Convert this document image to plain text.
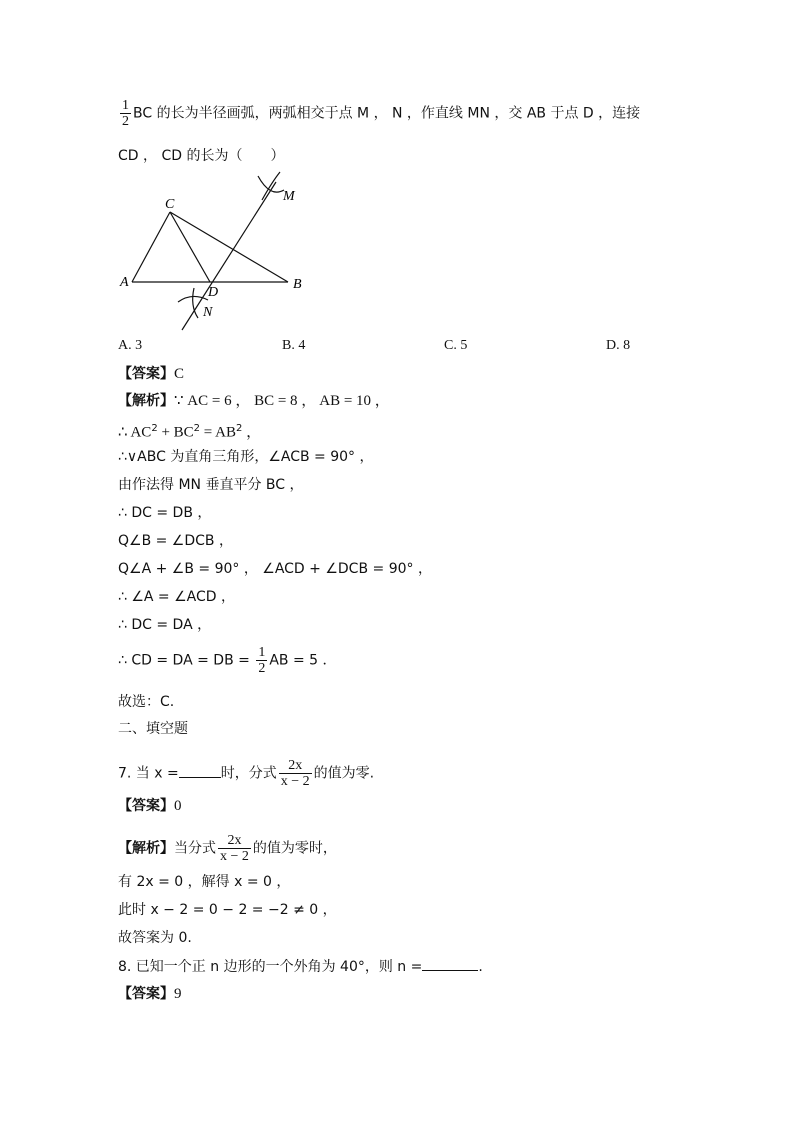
$\frac{1}{2}$ BC 的长为半径画弧，两弧相交于点 M ， N ，作直线 MN ，交 AB 于点 D ，连接
CD ， CD 的长为（　　）
A
C
B
D
M
N
A. 3	B. 4	C. 5	D. 8
【答案】C
【解析】∵ AC = 6 ， BC = 8 ， AB = 10 ，
∴ $AC^2 + BC^2 = AB^2$ ，
∴∨ABC 为直角三角形，∠ACB = 90° ，
由作法得 MN 垂直平分 BC ，
∴ DC = DB ，
Q∠B = ∠DCB ，
Q∠A + ∠B = 90° ， ∠ACD + ∠DCB = 90° ，
∴ ∠A = ∠ACD ，
∴ DC = DA ，
∴ CD = DA = DB = $\frac{1}{2}$ AB = 5 ．
故选：C.
二、填空题
7. 当 x =	时，分式 $\frac{2x}{x - 2}$ 的值为零.
【答案】0
【解析】当分式 $\frac{2x}{x - 2}$ 的值为零时，
有 2x = 0 ，解得 x = 0 ，
此时 x − 2 = 0 − 2 = −2 ≠ 0 ，
故答案为 0.
8. 已知一个正 n 边形的一个外角为 40°，则 n =	.
【答案】9
